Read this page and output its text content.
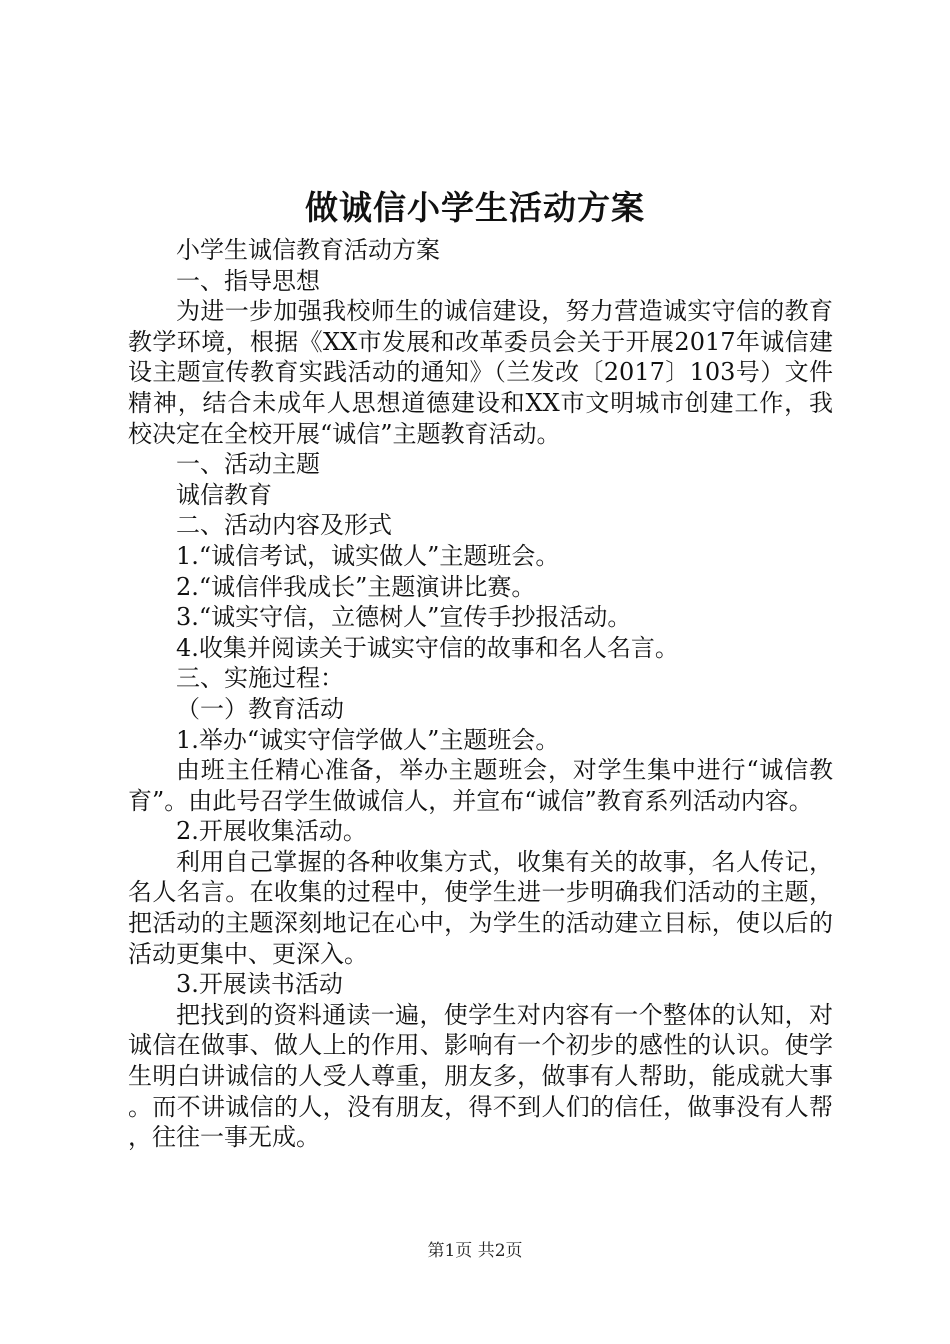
做诚信小学生活动方案

小学生诚信教育活动方案

一、指导思想

为进一步加强我校师生的诚信建设，努力营造诚实守信的教育教学环境，根据《XX市发展和改革委员会关于开展2017年诚信建设主题宣传教育实践活动的通知》（兰发改〔2017〕103号）文件精神，结合未成年人思想道德建设和XX市文明城市创建工作，我校决定在全校开展“诚信”主题教育活动。

一、活动主题

诚信教育

二、活动内容及形式

1.“诚信考试，诚实做人”主题班会。

2.“诚信伴我成长”主题演讲比赛。

3.“诚实守信，立德树人”宣传手抄报活动。

4.收集并阅读关于诚实守信的故事和名人名言。

三、实施过程：

（一）教育活动

1.举办“诚实守信学做人”主题班会。

由班主任精心准备，举办主题班会，对学生集中进行“诚信教育”。由此号召学生做诚信人，并宣布“诚信”教育系列活动内容。

2.开展收集活动。

利用自己掌握的各种收集方式，收集有关的故事，名人传记，名人名言。在收集的过程中，使学生进一步明确我们活动的主题，把活动的主题深刻地记在心中，为学生的活动建立目标，使以后的活动更集中、更深入。

3.开展读书活动

把找到的资料通读一遍，使学生对内容有一个整体的认知，对诚信在做事、做人上的作用、影响有一个初步的感性的认识。使学生明白讲诚信的人受人尊重，朋友多，做事有人帮助，能成就大事。而不讲诚信的人，没有朋友，得不到人们的信任，做事没有人帮，往往一事无成。

第1页 共2页
